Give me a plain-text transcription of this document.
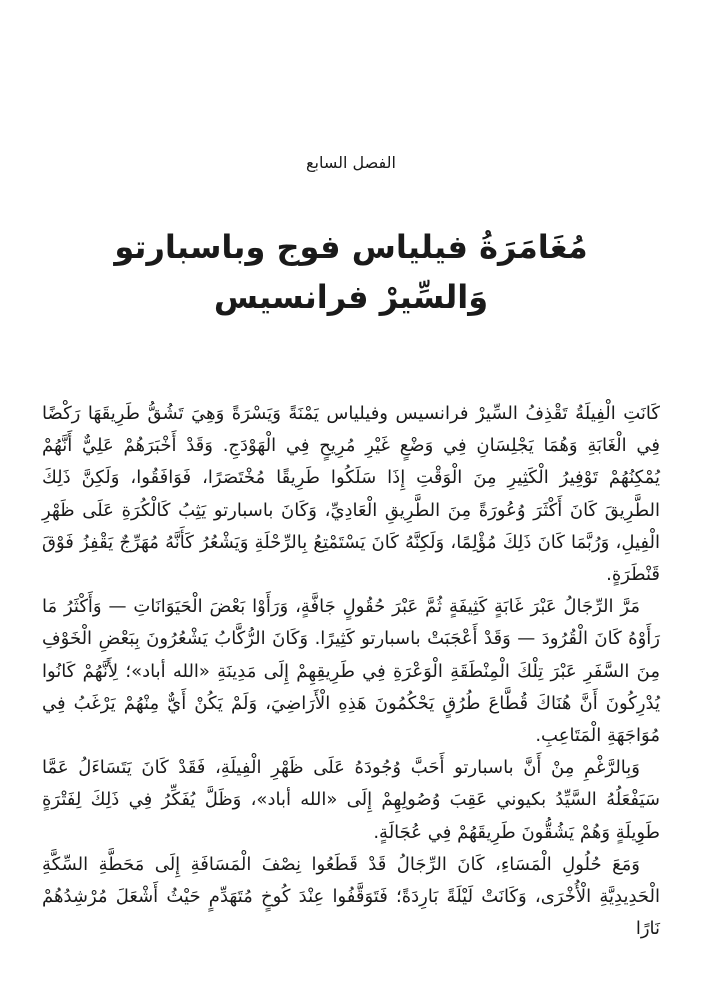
الفصل السابع
مُغَامَرَةُ فيلياس فوج وباسبارتو
وَالسِّيرْ فرانسيس

كَانَتِ الْفِيلَةُ تَقْذِفُ السِّيرْ فرانسيس وفيلياس يَمْنَةً وَيَسْرَةً وَهِيَ تَشُقُّ طَرِيقَهَا رَكْضًا فِي الْغَابَةِ وَهُمَا يَجْلِسَانِ فِي وَضْعٍ غَيْرِ مُرِيحٍ فِي الْهَوْدَجِ. وَقَدْ أَخْبَرَهُمْ عَلِيٌّ أَنَّهُمْ يُمْكِنُهُمْ تَوْفِيرُ الْكَثِيرِ مِنَ الْوَقْتِ إِذَا سَلَكُوا طَرِيقًا مُخْتَصَرًا، فَوَافَقُوا، وَلَكِنَّ ذَلِكَ الطَّرِيقَ كَانَ أَكْثَرَ وُعُورَةً مِنَ الطَّرِيقِ الْعَادِيِّ، وَكَانَ باسبارتو يَثِبُ كَالْكُرَةِ عَلَى ظَهْرِ الْفِيلِ، وَرُبَّمَا كَانَ ذَلِكَ مُؤْلِمًا، وَلَكِنَّهُ كَانَ يَسْتَمْتِعُ بِالرِّحْلَةِ وَيَشْعُرُ كَأَنَّهُ مُهَرِّجٌ يَقْفِزُ فَوْقَ قَنْطَرَةٍ.

مَرَّ الرِّجَالُ عَبْرَ غَابَةٍ كَثِيفَةٍ ثُمَّ عَبْرَ حُقُولٍ جَافَّةٍ، وَرَأَوْا بَعْضَ الْحَيَوَانَاتِ — وَأَكْثَرُ مَا رَأَوْهُ كَانَ الْقُرُودَ — وَقَدْ أَعْجَبَتْ باسبارتو كَثِيرًا. وَكَانَ الرُّكَّابُ يَشْعُرُونَ بِبَعْضِ الْخَوْفِ مِنَ السَّفَرِ عَبْرَ تِلْكَ الْمِنْطَقَةِ الْوَعْرَةِ فِي طَرِيقِهِمْ إِلَى مَدِينَةِ «الله أباد»؛ لِأَنَّهُمْ كَانُوا يُدْرِكُونَ أَنَّ هُنَاكَ قُطَّاعَ طُرُقٍ يَحْكُمُونَ هَذِهِ الْأَرَاضِيَ، وَلَمْ يَكُنْ أَيٌّ مِنْهُمْ يَرْغَبُ فِي مُوَاجَهَةِ الْمَتَاعِبِ.

وَبِالرَّغْمِ مِنْ أَنَّ باسبارتو أَحَبَّ وُجُودَهُ عَلَى ظَهْرِ الْفِيلَةِ، فَقَدْ كَانَ يَتَسَاءَلُ عَمَّا سَيَفْعَلُهُ السَّيِّدُ بكيوني عَقِبَ وُصُولِهِمْ إِلَى «الله أباد»، وَظَلَّ يُفَكِّرُ فِي ذَلِكَ لِفَتْرَةٍ طَوِيلَةٍ وَهُمْ يَشُقُّونَ طَرِيقَهُمْ فِي عُجَالَةٍ.

وَمَعَ حُلُولِ الْمَسَاءِ، كَانَ الرِّجَالُ قَدْ قَطَعُوا نِصْفَ الْمَسَافَةِ إِلَى مَحَطَّةِ السِّكَّةِ الْحَدِيدِيَّةِ الْأُخْرَى، وَكَانَتْ لَيْلَةً بَارِدَةً؛ فَتَوَقَّفُوا عِنْدَ كُوخٍ مُتَهَدِّمٍ حَيْثُ أَشْعَلَ مُرْشِدُهُمْ نَارًا
